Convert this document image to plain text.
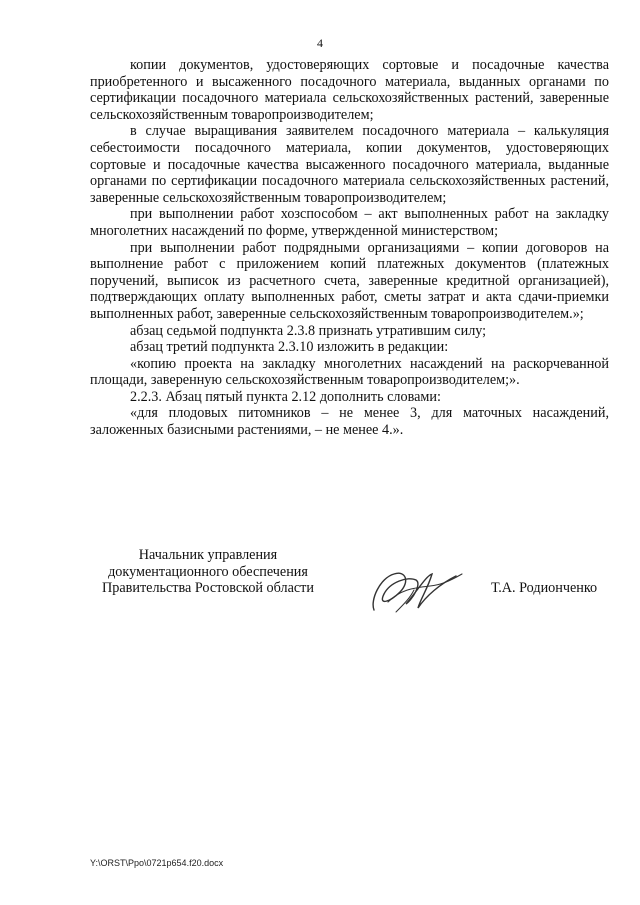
4

копии документов, удостоверяющих сортовые и посадочные качества приобретенного и высаженного посадочного материала, выданных органами по сертификации посадочного материала сельскохозяйственных растений, заверенные сельскохозяйственным товаропроизводителем;

в случае выращивания заявителем посадочного материала – калькуляция себестоимости посадочного материала, копии документов, удостоверяющих сортовые и посадочные качества высаженного посадочного материала, выданные органами по сертификации посадочного материала сельскохозяйственных растений, заверенные сельскохозяйственным товаропроизводителем;

при выполнении работ хозспособом – акт выполненных работ на закладку многолетних насаждений по форме, утвержденной министерством;

при выполнении работ подрядными организациями – копии договоров на выполнение работ с приложением копий платежных документов (платежных поручений, выписок из расчетного счета, заверенные кредитной организацией), подтверждающих оплату выполненных работ, сметы затрат и акта сдачи-приемки выполненных работ, заверенные сельскохозяйственным товаропроизводителем.»;

абзац седьмой подпункта 2.3.8 признать утратившим силу;

абзац третий подпункта 2.3.10 изложить в редакции:

«копию проекта на закладку многолетних насаждений на раскорчеванной площади, заверенную сельскохозяйственным товаропроизводителем;».

2.2.3. Абзац пятый пункта 2.12 дополнить словами:

«для плодовых питомников – не менее 3, для маточных насаждений, заложенных базисными растениями, – не менее 4.».

Начальник управления
документационного обеспечения
Правительства Ростовской области	Т.А. Родионченко
Y:\ORST\Ppo\0721p654.f20.docx
